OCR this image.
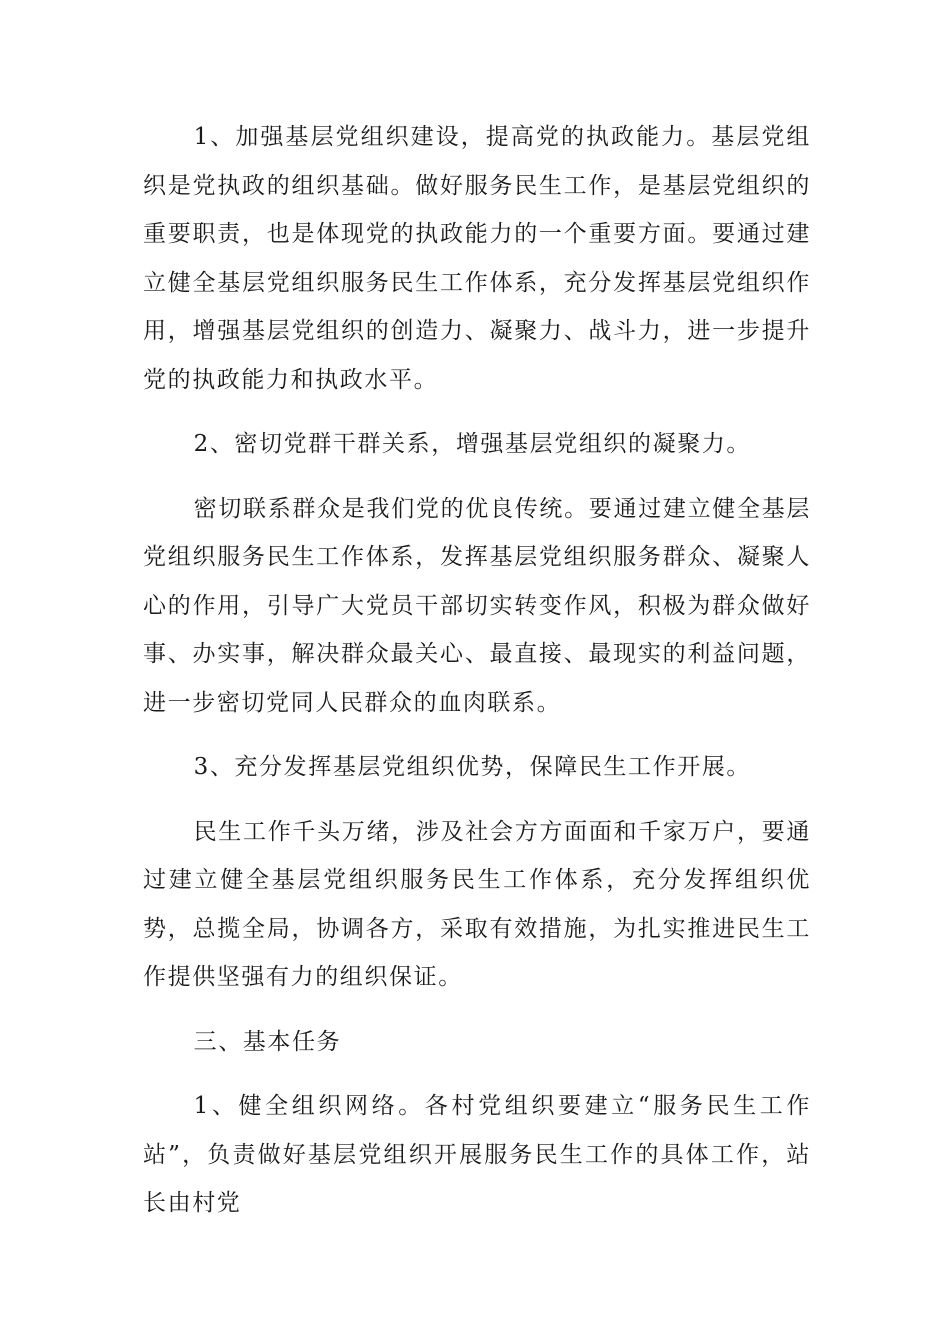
1、加强基层党组织建设，提高党的执政能力。基层党组织是党执政的组织基础。做好服务民生工作，是基层党组织的重要职责，也是体现党的执政能力的一个重要方面。要通过建立健全基层党组织服务民生工作体系，充分发挥基层党组织作用，增强基层党组织的创造力、凝聚力、战斗力，进一步提升党的执政能力和执政水平。

2、密切党群干群关系，增强基层党组织的凝聚力。

密切联系群众是我们党的优良传统。要通过建立健全基层党组织服务民生工作体系，发挥基层党组织服务群众、凝聚人心的作用，引导广大党员干部切实转变作风，积极为群众做好事、办实事，解决群众最关心、最直接、最现实的利益问题，进一步密切党同人民群众的血肉联系。

3、充分发挥基层党组织优势，保障民生工作开展。

民生工作千头万绪，涉及社会方方面面和千家万户，要通过建立健全基层党组织服务民生工作体系，充分发挥组织优势，总揽全局，协调各方，采取有效措施，为扎实推进民生工作提供坚强有力的组织保证。

三、基本任务

1、健全组织网络。各村党组织要建立“服务民生工作站”，负责做好基层党组织开展服务民生工作的具体工作，站长由村党
